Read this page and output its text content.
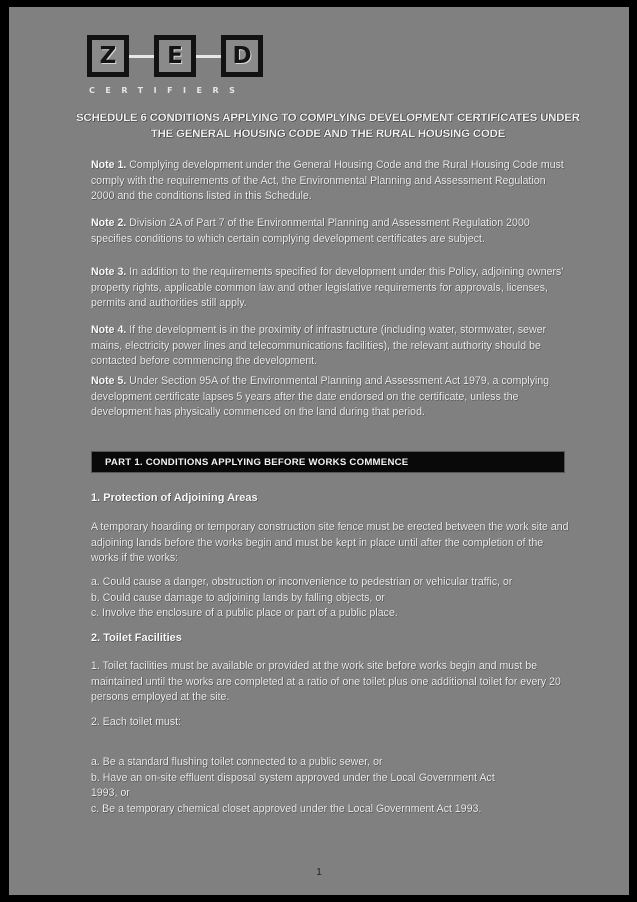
Z	E	D
CERTIFIERS
SCHEDULE 6 CONDITIONS APPLYING TO COMPLYING DEVELOPMENT CERTIFICATES UNDER THE GENERAL HOUSING CODE AND THE RURAL HOUSING CODE
Note 1. Complying development under the General Housing Code and the Rural Housing Code must comply with the requirements of the Act, the Environmental Planning and Assessment Regulation 2000 and the conditions listed in this Schedule.
Note 2. Division 2A of Part 7 of the Environmental Planning and Assessment Regulation 2000 specifies conditions to which certain complying development certificates are subject.
Note 3. In addition to the requirements specified for development under this Policy, adjoining owners' property rights, applicable common law and other legislative requirements for approvals, licenses, permits and authorities still apply.
Note 4. If the development is in the proximity of infrastructure (including water, stormwater, sewer mains, electricity power lines and telecommunications facilities), the relevant authority should be contacted before commencing the development.
Note 5. Under Section 95A of the Environmental Planning and Assessment Act 1979, a complying development certificate lapses 5 years after the date endorsed on the certificate, unless the development has physically commenced on the land during that period.
PART 1. CONDITIONS APPLYING BEFORE WORKS COMMENCE
1. Protection of Adjoining Areas
A temporary hoarding or temporary construction site fence must be erected between the work site and adjoining lands before the works begin and must be kept in place until after the completion of the works if the works:
a. Could cause a danger, obstruction or inconvenience to pedestrian or vehicular traffic, or
b. Could cause damage to adjoining lands by falling objects, or
c. Involve the enclosure of a public place or part of a public place.
2. Toilet Facilities
1. Toilet facilities must be available or provided at the work site before works begin and must be maintained until the works are completed at a ratio of one toilet plus one additional toilet for every 20 persons employed at the site.
2. Each toilet must:
a. Be a standard flushing toilet connected to a public sewer, or
b. Have an on-site effluent disposal system approved under the Local Government Act
1993, or
c. Be a temporary chemical closet approved under the Local Government Act 1993.
1
